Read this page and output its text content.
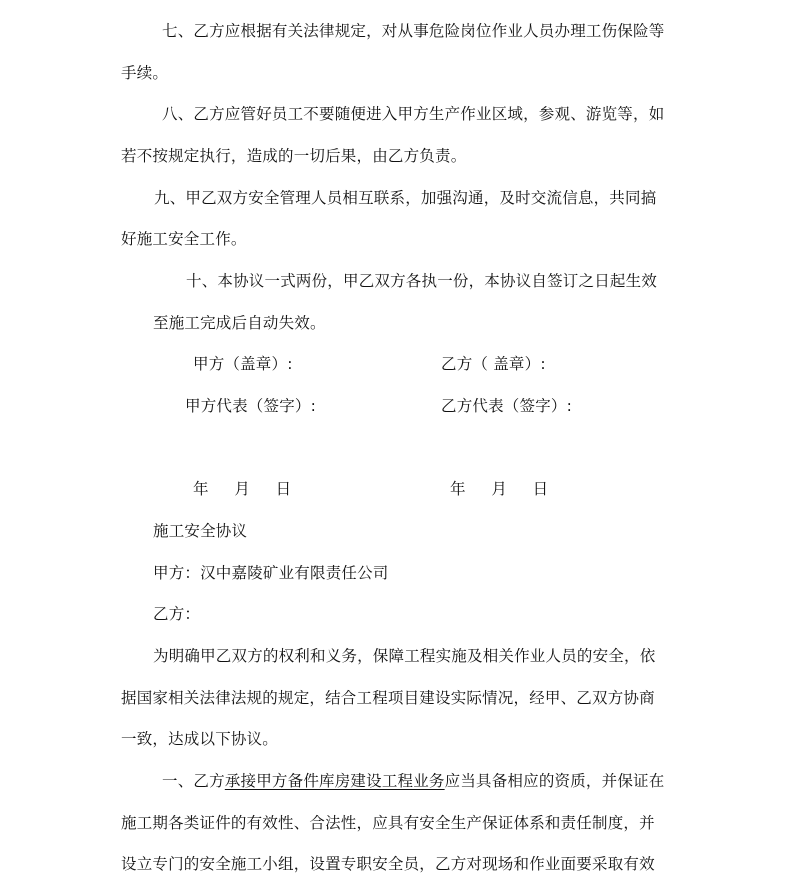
七、乙方应根据有关法律规定，对从事危险岗位作业人员办理工伤保险等
手续。
八、乙方应管好员工不要随便进入甲方生产作业区域，参观、游览等，如
若不按规定执行，造成的一切后果，由乙方负责。
九、甲乙双方安全管理人员相互联系，加强沟通，及时交流信息，共同搞
好施工安全工作。
十、本协议一式两份，甲乙双方各执一份，本协议自签订之日起生效
至施工完成后自动失效。
甲方（盖章）:	乙方（ 盖章）:
甲方代表（签字）:	乙方代表（签字）:
年     月     日	年     月     日
施工安全协议
甲方：汉中嘉陵矿业有限责任公司
乙方：
为明确甲乙双方的权利和义务，保障工程实施及相关作业人员的安全，依
据国家相关法律法规的规定，结合工程项目建设实际情况，经甲、乙双方协商
一致，达成以下协议。
一、乙方承接甲方备件库房建设工程业务应当具备相应的资质，并保证在
施工期各类证件的有效性、合法性，应具有安全生产保证体系和责任制度，并
设立专门的安全施工小组，设置专职安全员，乙方对现场和作业面要采取有效
